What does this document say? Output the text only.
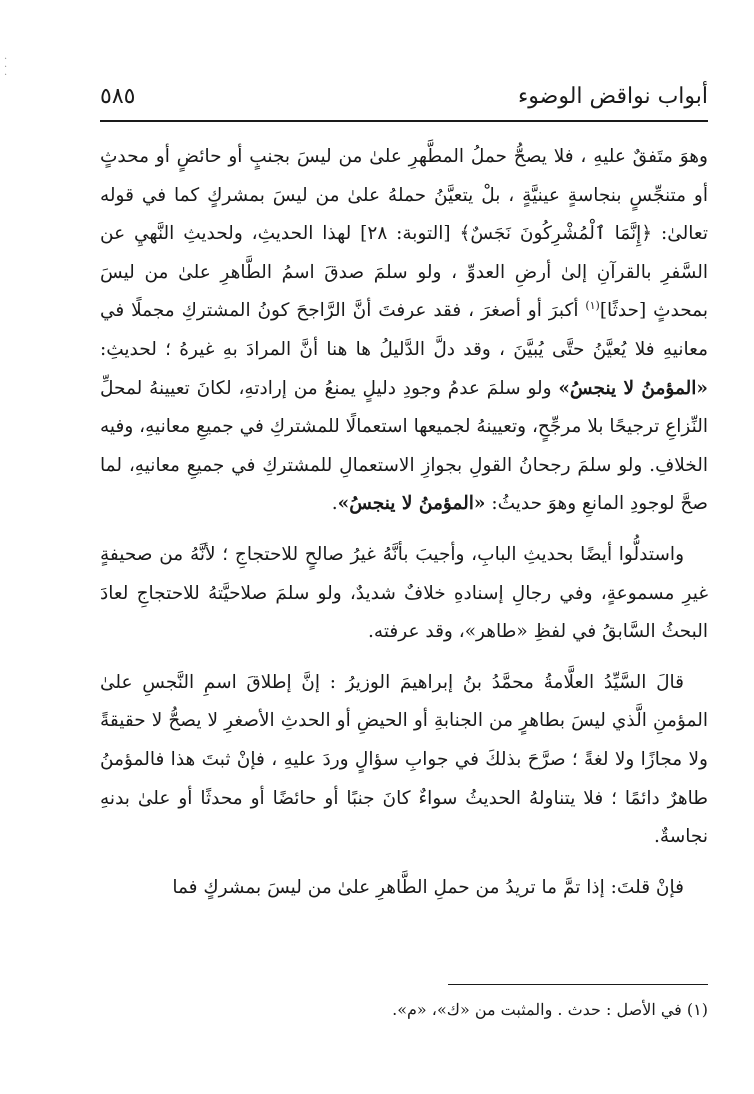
·
·
·
أبواب نواقض الوضوء
٥٨٥

وهوَ متَفقٌ عليهِ ، فلا يصحُّ حملُ المطَّهرِ علىٰ من ليسَ بجنبٍ أو حائضٍ أو محدثٍ أو متنجِّسٍ بنجاسةٍ عينيَّةٍ ، بلْ يتعيَّنُ حملهُ علىٰ من ليسَ بمشركٍ كما في قوله تعالىٰ: ﴿إِنَّمَا ٱلْمُشْرِكُونَ نَجَسٌ﴾ [التوبة: ٢٨] لهذا الحديثِ، ولحديثِ النَّهيِ عن السَّفرِ بالقرآنِ إلىٰ أرضِ العدوِّ ، ولو سلمَ صدقَ اسمُ الطَّاهرِ علىٰ من ليسَ بمحدثٍ [حدثًا]$^{(١)}$ أكبرَ أو أصغرَ ، فقد عرفتَ أنَّ الرَّاجحَ كونُ المشتركِ مجملًا في معانيهِ فلا يُعيَّنُ حتَّى يُبيَّنَ ، وقد دلَّ الدَّليلُ ها هنا أنَّ المرادَ بهِ غيرهُ ؛ لحديثِ: «المؤمنُ لا ينجسُ» ولو سلمَ عدمُ وجودِ دليلٍ يمنعُ من إرادتهِ، لكانَ تعيينهُ لمحلِّ النِّزاعِ ترجيحًا بلا مرجِّحٍ، وتعيينهُ لجميعها استعمالًا للمشتركِ في جميعِ معانيهِ، وفيه الخلافِ. ولو سلمَ رجحانُ القولِ بجوازِ الاستعمالِ للمشتركِ في جميعِ معانيهِ، لما صحَّ لوجودِ المانعِ وهوَ حديثُ: «المؤمنُ لا ينجسُ».

واستدلُّوا أيضًا بحديثِ البابِ، وأجيبَ بأنَّهُ غيرُ صالحٍ للاحتجاجِ ؛ لأنَّهُ من صحيفةٍ غيرِ مسموعةٍ، وفي رجالِ إسنادهِ خلافٌ شديدٌ، ولو سلمَ صلاحيَّتهُ للاحتجاجِ لعادَ البحثُ السَّابقُ في لفظِ «طاهر»، وقد عرفته.

قالَ السَّيِّدُ العلَّامةُ محمَّدُ بنُ إبراهيمَ الوزيرُ : إنَّ إطلاقَ اسمِ النَّجسِ علىٰ المؤمنِ الَّذي ليسَ بطاهرٍ من الجنابةِ أو الحيضِ أو الحدثِ الأصغرِ لا يصحُّ لا حقيقةً ولا مجازًا ولا لغةً ؛ صرَّحَ بذلكَ في جوابِ سؤالٍ وردَ عليهِ ، فإنْ ثبتَ هذا فالمؤمنُ طاهرٌ دائمًا ؛ فلا يتناولهُ الحديثُ سواءٌ كانَ جنبًا أو حائضًا أو محدثًا أو علىٰ بدنهِ نجاسةٌ.

فإنْ قلتَ: إذا تمَّ ما تريدُ من حملِ الطَّاهرِ علىٰ من ليسَ بمشركٍ فما

(١) في الأصل : حدث . والمثبت من «ك»، «م».
